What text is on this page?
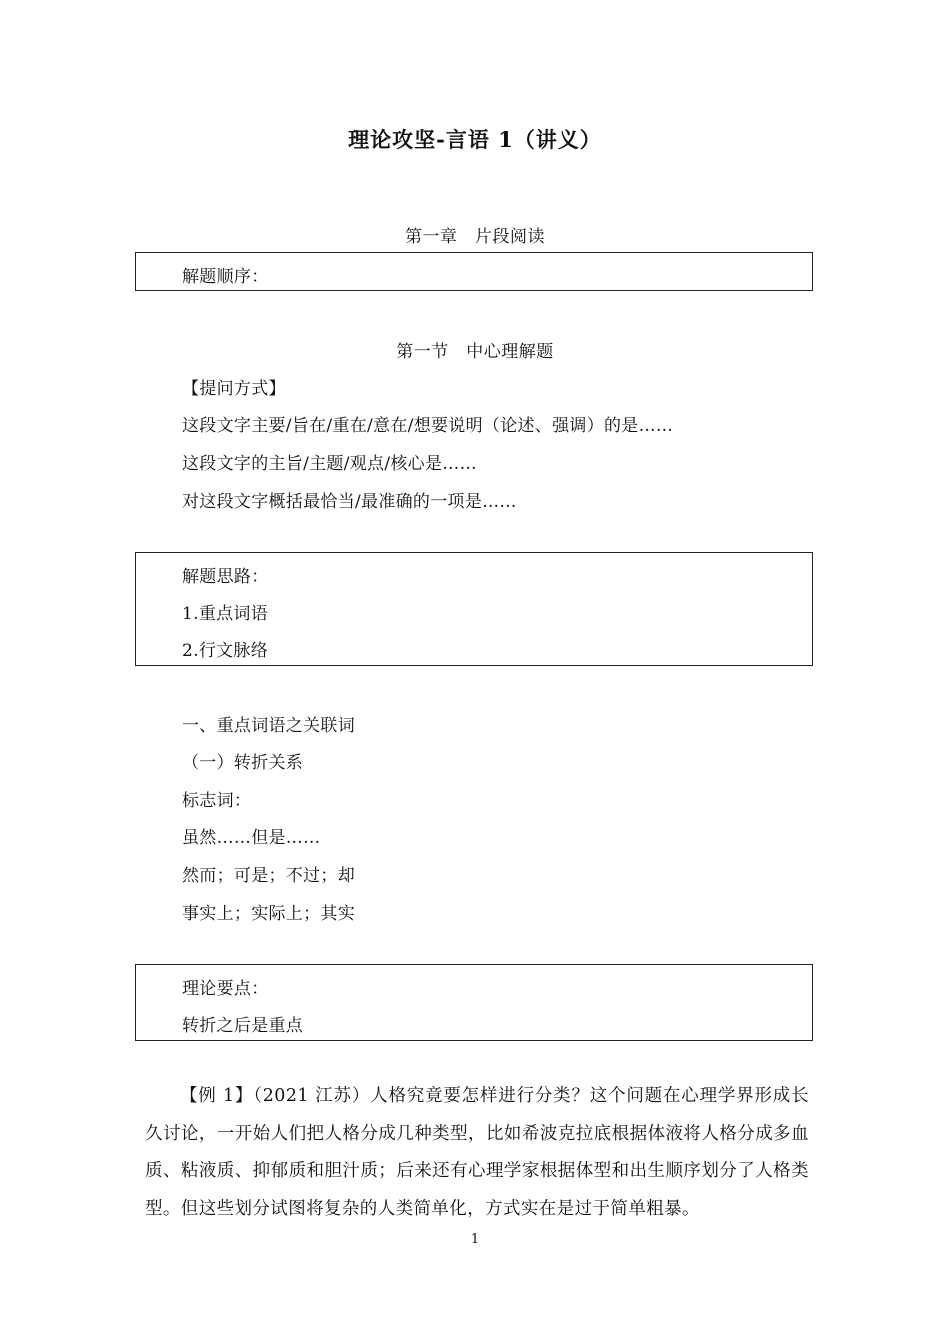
理论攻坚-言语 1（讲义）
第一章　片段阅读
解题顺序：
第一节　中心理解题
【提问方式】
这段文字主要/旨在/重在/意在/想要说明（论述、强调）的是……
这段文字的主旨/主题/观点/核心是……
对这段文字概括最恰当/最准确的一项是……
解题思路：
1.重点词语
2.行文脉络
一、重点词语之关联词
（一）转折关系
标志词：
虽然……但是……
然而；可是；不过；却
事实上；实际上；其实
理论要点：
转折之后是重点
【例 1】（2021 江苏）人格究竟要怎样进行分类？这个问题在心理学界形成长久讨论，一开始人们把人格分成几种类型，比如希波克拉底根据体液将人格分成多血质、粘液质、抑郁质和胆汁质；后来还有心理学家根据体型和出生顺序划分了人格类型。但这些划分试图将复杂的人类简单化，方式实在是过于简单粗暴。
1
